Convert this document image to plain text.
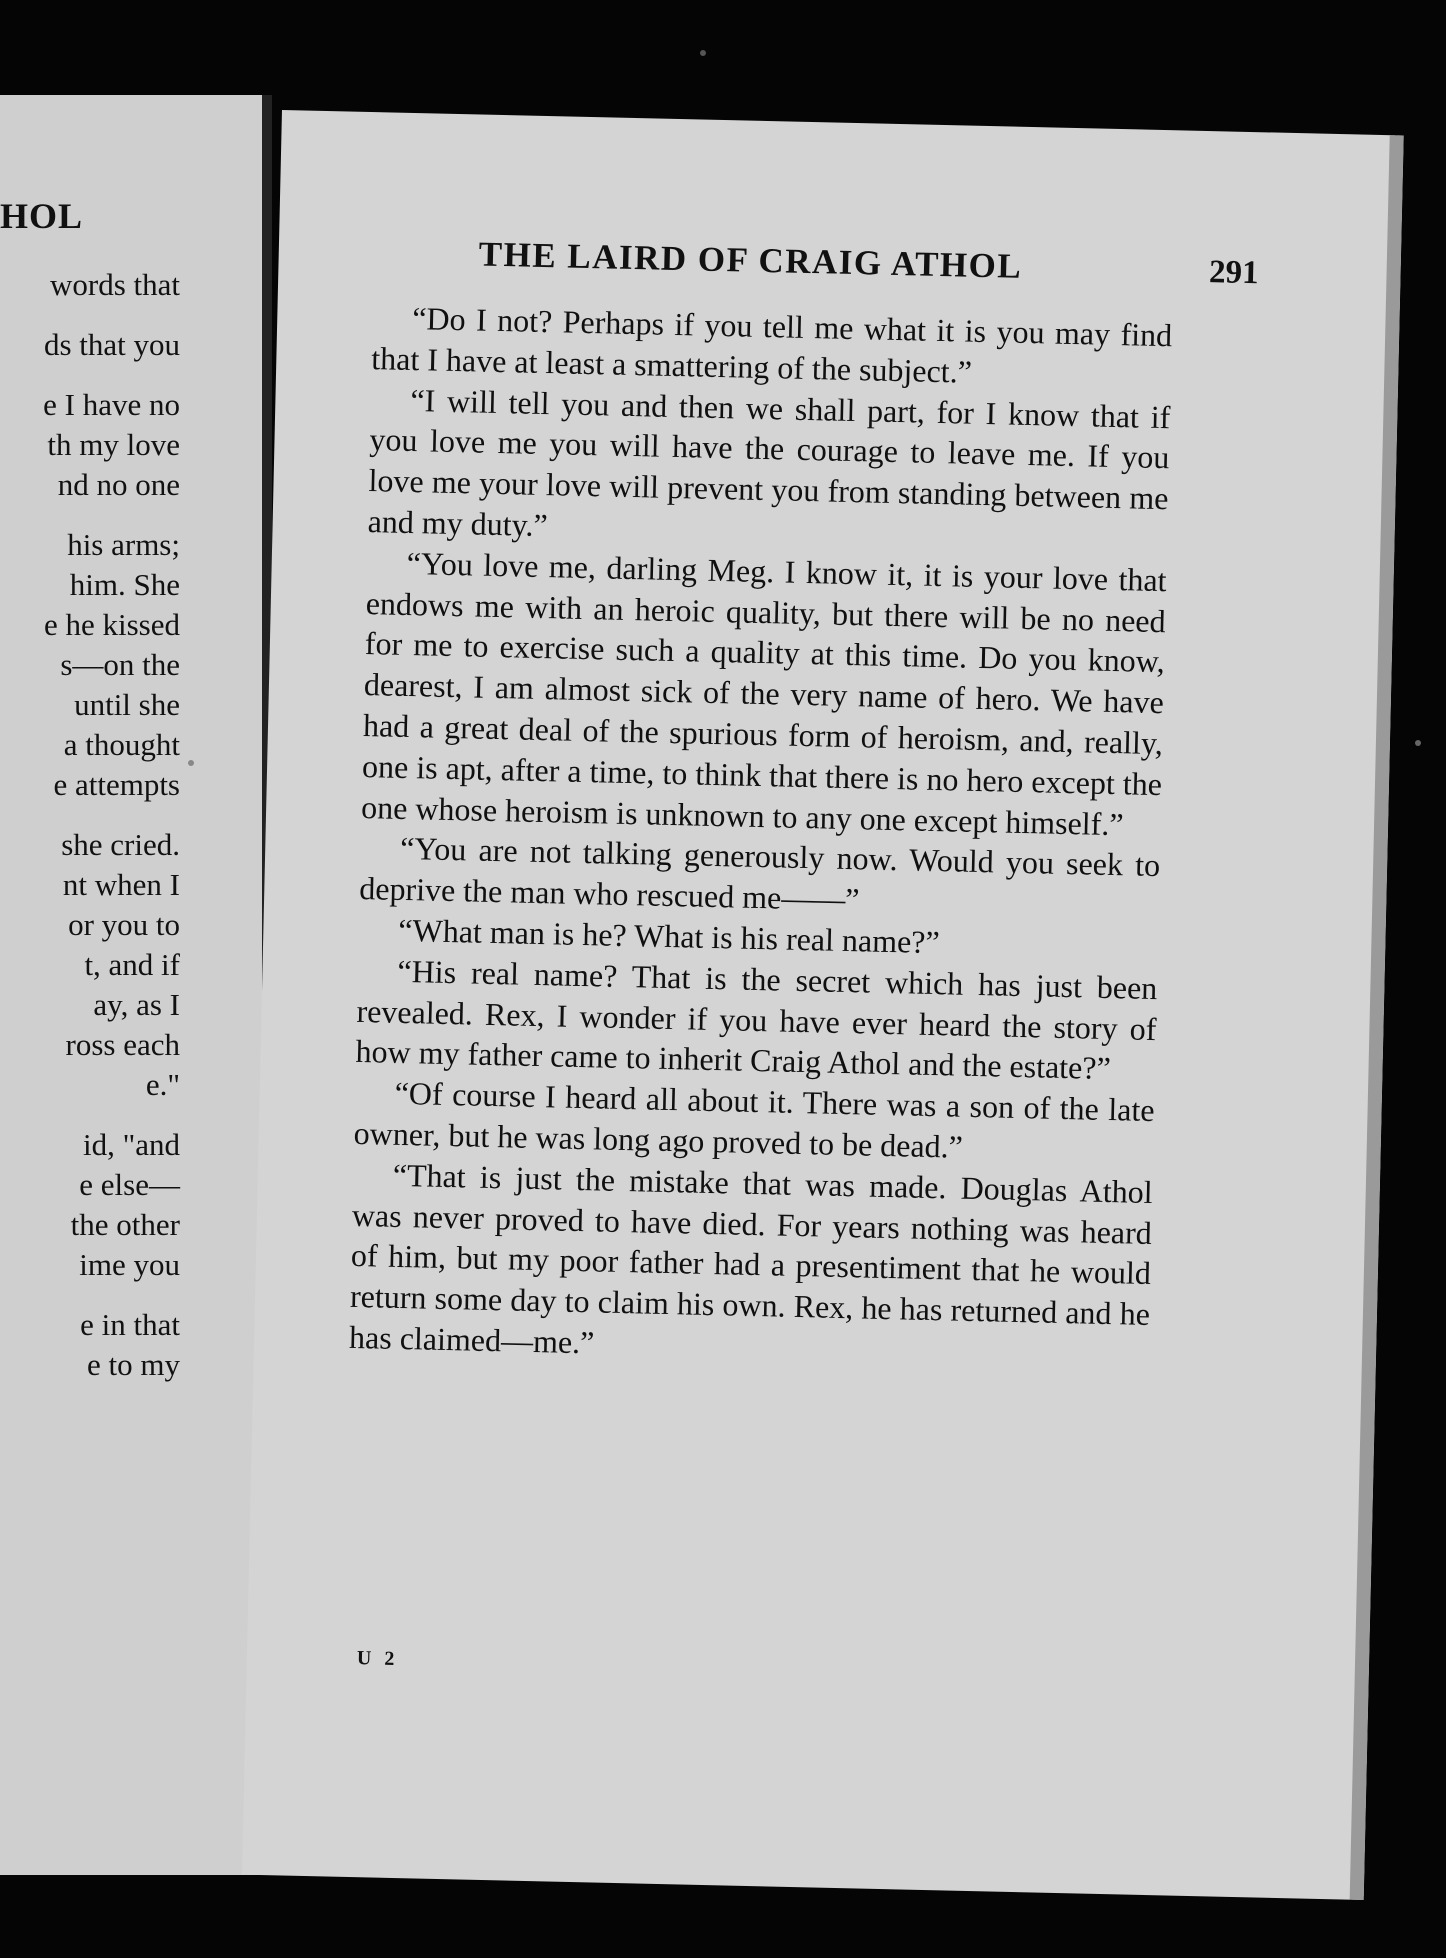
HOL
words that
ds that you
e I have no
th my love
nd no one
his arms;
him. She
e he kissed
s—on the
until she
a thought
e attempts
she cried.
nt when I
or you to
t, and if
ay, as I
ross each
e."
id, "and
e else—
the other
ime you
e in that
e to my
THE LAIRD OF CRAIG ATHOL	291

“Do I not? Perhaps if you tell me what it is you may find that I have at least a smattering of the subject.”

“I will tell you and then we shall part, for I know that if you love me you will have the courage to leave me. If you love me your love will prevent you from standing between me and my duty.”

“You love me, darling Meg. I know it, it is your love that endows me with an heroic quality, but there will be no need for me to exercise such a quality at this time. Do you know, dearest, I am almost sick of the very name of hero. We have had a great deal of the spurious form of heroism, and, really, one is apt, after a time, to think that there is no hero except the one whose heroism is unknown to any one except himself.”

“You are not talking generously now. Would you seek to deprive the man who rescued me——”

“What man is he? What is his real name?”

“His real name? That is the secret which has just been revealed. Rex, I wonder if you have ever heard the story of how my father came to inherit Craig Athol and the estate?”

“Of course I heard all about it. There was a son of the late owner, but he was long ago proved to be dead.”

“That is just the mistake that was made. Douglas Athol was never proved to have died. For years nothing was heard of him, but my poor father had a presentiment that he would return some day to claim his own. Rex, he has returned and he has claimed—me.”

U 2
